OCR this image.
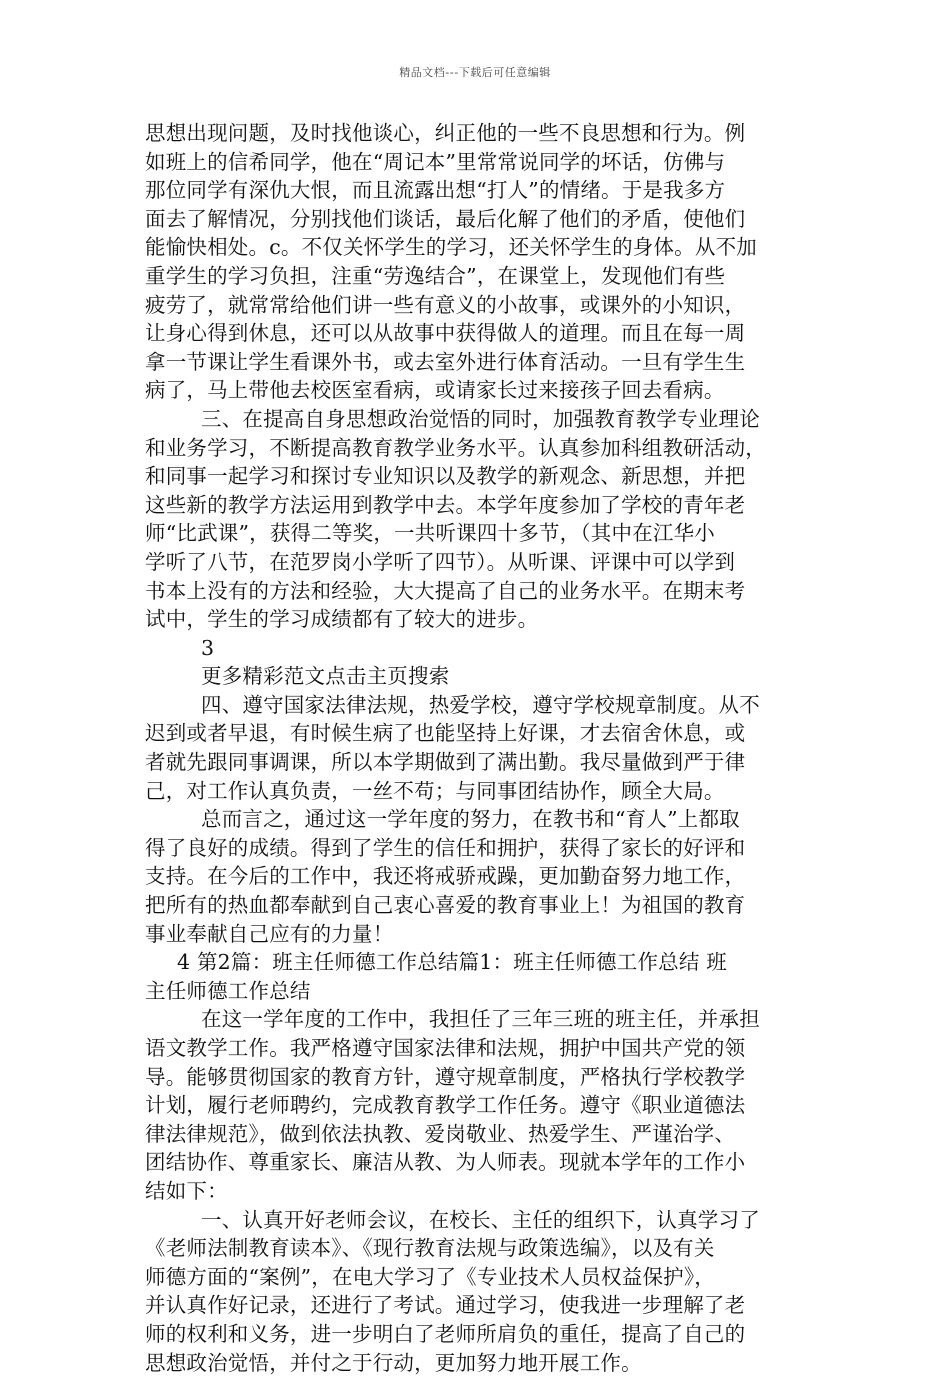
精品文档---下载后可任意编辑
思想出现问题，及时找他谈心，纠正他的一些不良思想和行为。例
如班上的信希同学，他在“周记本”里常常说同学的坏话，仿佛与
那位同学有深仇大恨，而且流露出想“打人”的情绪。于是我多方
面去了解情况，分别找他们谈话，最后化解了他们的矛盾，使他们
能愉快相处。c。不仅关怀学生的学习，还关怀学生的身体。从不加
重学生的学习负担，注重“劳逸结合”，在课堂上，发现他们有些
疲劳了，就常常给他们讲一些有意义的小故事，或课外的小知识，
让身心得到休息，还可以从故事中获得做人的道理。而且在每一周
拿一节课让学生看课外书，或去室外进行体育活动。一旦有学生生
病了，马上带他去校医室看病，或请家长过来接孩子回去看病。
三、在提高自身思想政治觉悟的同时，加强教育教学专业理论
和业务学习，不断提高教育教学业务水平。认真参加科组教研活动，
和同事一起学习和探讨专业知识以及教学的新观念、新思想，并把
这些新的教学方法运用到教学中去。本学年度参加了学校的青年老
师“比武课”，获得二等奖，一共听课四十多节，（其中在江华小
学听了八节，在范罗岗小学听了四节）。从听课、评课中可以学到
书本上没有的方法和经验，大大提高了自己的业务水平。在期末考
试中，学生的学习成绩都有了较大的进步。
3
更多精彩范文点击主页搜索
四、遵守国家法律法规，热爱学校，遵守学校规章制度。从不
迟到或者早退，有时候生病了也能坚持上好课，才去宿舍休息，或
者就先跟同事调课，所以本学期做到了满出勤。我尽量做到严于律
己，对工作认真负责，一丝不苟；与同事团结协作，顾全大局。
总而言之，通过这一学年度的努力，在教书和“育人”上都取
得了良好的成绩。得到了学生的信任和拥护，获得了家长的好评和
支持。在今后的工作中，我还将戒骄戒躁，更加勤奋努力地工作，
把所有的热血都奉献到自己衷心喜爱的教育事业上！为祖国的教育
事业奉献自己应有的力量！
4 第2篇：班主任师德工作总结篇1：班主任师德工作总结 班
主任师德工作总结
在这一学年度的工作中，我担任了三年三班的班主任，并承担
语文教学工作。我严格遵守国家法律和法规，拥护中国共产党的领
导。能够贯彻国家的教育方针，遵守规章制度，严格执行学校教学
计划，履行老师聘约，完成教育教学工作任务。遵守《职业道德法
律法律规范》，做到依法执教、爱岗敬业、热爱学生、严谨治学、
团结协作、尊重家长、廉洁从教、为人师表。现就本学年的工作小
结如下：
一、认真开好老师会议，在校长、主任的组织下，认真学习了
《老师法制教育读本》、《现行教育法规与政策选编》，以及有关
师德方面的“案例”，在电大学习了《专业技术人员权益保护》，
并认真作好记录，还进行了考试。通过学习，使我进一步理解了老
师的权利和义务，进一步明白了老师所肩负的重任，提高了自己的
思想政治觉悟，并付之于行动，更加努力地开展工作。
